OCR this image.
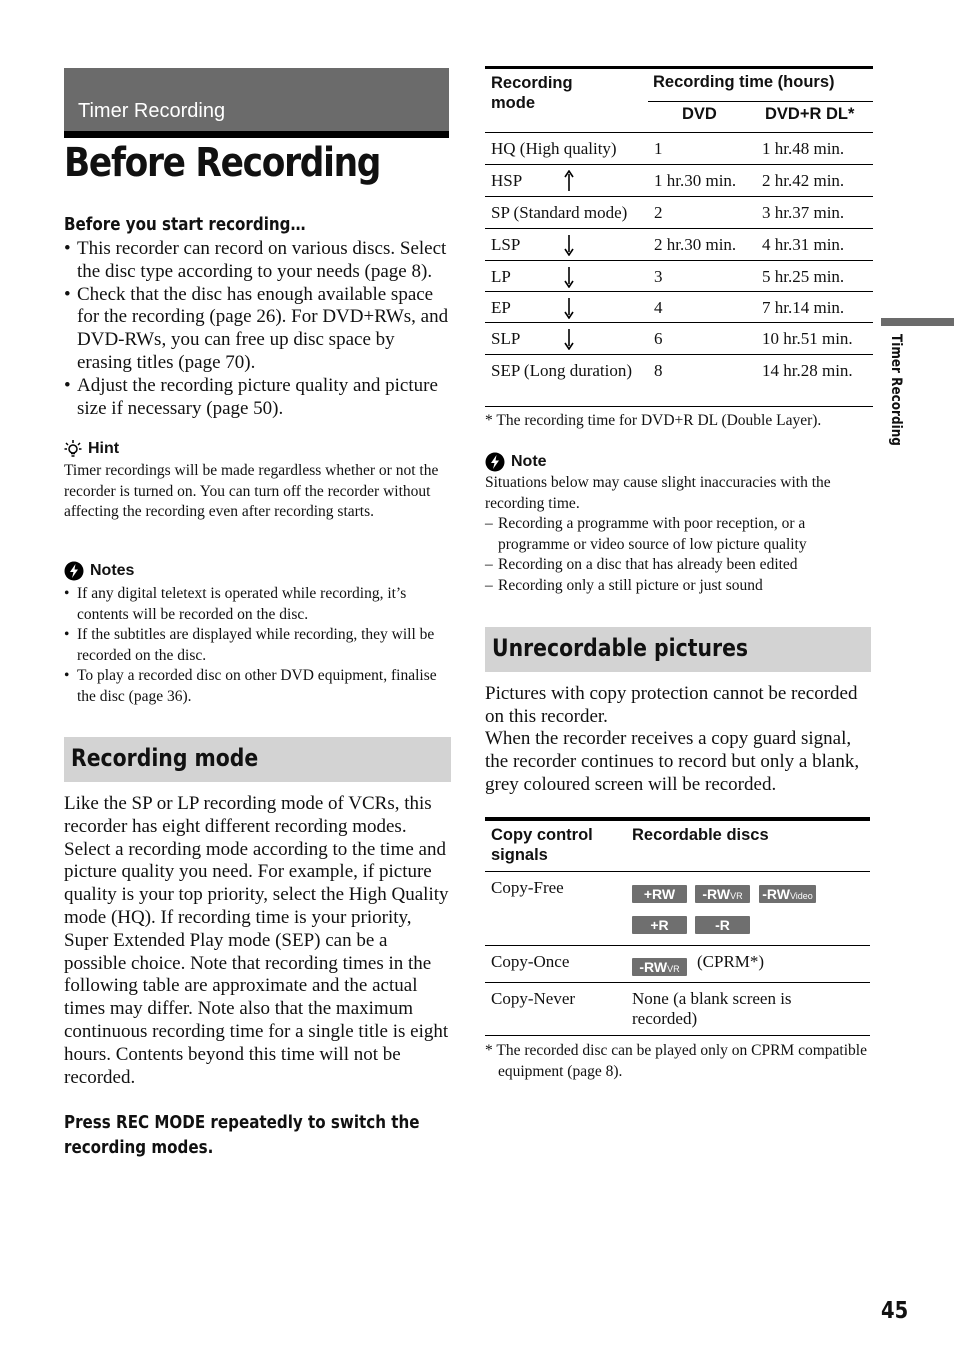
Timer Recording
Before Recording
Before you start recording…
• This recorder can record on various discs. Select the disc type according to your needs (page 8).
• Check that the disc has enough available space for the recording (page 26). For DVD+RWs, and DVD-RWs, you can free up disc space by erasing titles (page 70).
• Adjust the recording picture quality and picture size if necessary (page 50).
Hint

Timer recordings will be made regardless whether or not the recorder is turned on. You can turn off the recorder without affecting the recording even after recording starts.

Notes
• If any digital teletext is operated while recording, it’s contents will be recorded on the disc.
• If the subtitles are displayed while recording, they will be recorded on the disc.
• To play a recorded disc on other DVD equipment, finalise the disc (page 36).
Recording mode

Like the SP or LP recording mode of VCRs, this recorder has eight different recording modes. Select a recording mode according to the time and picture quality you need. For example, if picture quality is your top priority, select the High Quality mode (HQ). If recording time is your priority, Super Extended Play mode (SEP) can be a possible choice. Note that recording times in the following table are approximate and the actual times may differ. Note also that the maximum continuous recording time for a single title is eight hours. Contents beyond this time will not be recorded.

Press REC MODE repeatedly to switch the recording modes.
Recording mode
Recording time (hours)
DVD	DVD+R DL*
HQ (High quality)	1	1 hr.48 min.
HSP	1 hr.30 min. 2 hr.42 min.
SP (Standard mode)	2	3 hr.37 min.
LSP	2 hr.30 min. 4 hr.31 min.
LP	3	5 hr.25 min.
EP	4	7 hr.14 min.
SLP	6	10 hr.51 min.
SEP (Long duration)	8	14 hr.28 min.
* The recording time for DVD+R DL (Double Layer).
Note

Situations below may cause slight inaccuracies with the recording time.

– Recording a programme with poor reception, or a programme or video source of low picture quality
– Recording on a disc that has already been edited
– Recording only a still picture or just sound
Unrecordable pictures

Pictures with copy protection cannot be recorded on this recorder.

When the recorder receives a copy guard signal, the recorder continues to record but only a blank, grey coloured screen will be recorded.

Copy control signals
Recordable discs
Copy-Free	+RW	-RWVR	-RWVideo
+R	-R
Copy-Once	-RWVR	(CPRM*)
Copy-Never	None (a blank screen is recorded)

* The recorded disc can be played only on CPRM compatible equipment (page 8).

Timer Recording
45
